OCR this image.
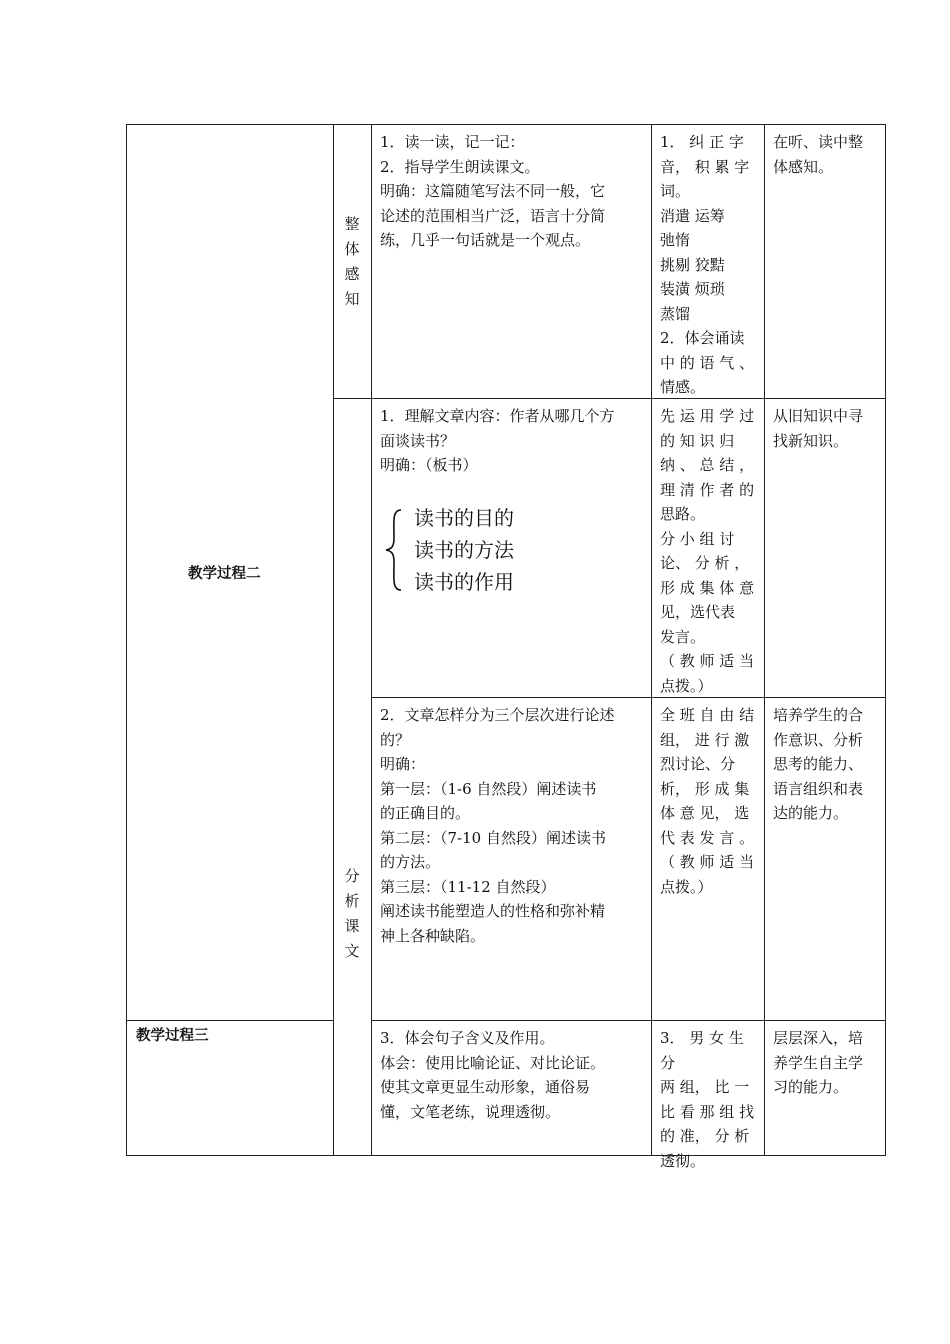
教学过程二
教学过程三
整
体
感
知
分
析
课
文

1．读一读，记一记：

2．指导学生朗读课文。

明确：这篇随笔写法不同一般，它

论述的范围相当广泛，语言十分简

练，几乎一句话就是一个观点。

1． 纠 正 字

音， 积 累 字

词。

消遣 运筹

弛惰

挑剔 狡黠

装潢 烦琐

蒸馏

2．体会诵读

中 的 语 气 、

情感。

在听、读中整

体感知。

1．理解文章内容：作者从哪几个方

面谈读书？

明确：（板书）

读书的目的
读书的方法
读书的作用

先 运 用 学 过

的 知 识 归

纳 、 总 结 ，

理 清 作 者 的

思路。

分 小 组 讨

论、 分 析 ，

形 成 集 体 意

见，选代表

发言。

（ 教 师 适 当

点拨。）

从旧知识中寻

找新知识。

2．文章怎样分为三个层次进行论述

的？

明确：

第一层：（1-6 自然段）阐述读书

的正确目的。

第二层：（7-10 自然段）阐述读书

的方法。

第三层：（11-12 自然段）

阐述读书能塑造人的性格和弥补精

神上各种缺陷。

全 班 自 由 结

组， 进 行 激

烈讨论、分

析， 形 成 集

体 意 见， 选

代 表 发 言 。

（ 教 师 适 当

点拨。）

培养学生的合

作意识、分析

思考的能力、

语言组织和表

达的能力。

3．体会句子含义及作用。

体会：使用比喻论证、对比论证。

使其文章更显生动形象，通俗易

懂，文笔老练，说理透彻。

3． 男 女 生 分

两 组， 比 一

比 看 那 组 找

的 准， 分 析

透彻。

层层深入，培

养学生自主学

习的能力。
